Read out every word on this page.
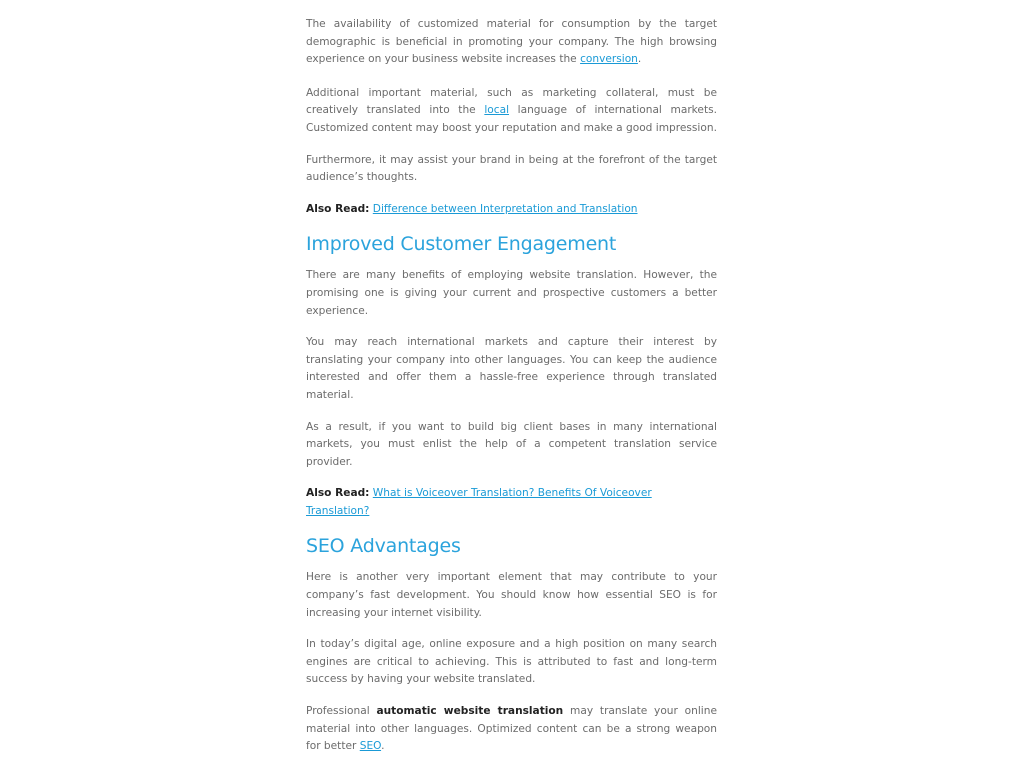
The availability of customized material for consumption by the target demographic is beneficial in promoting your company. The high browsing experience on your business website increases the conversion.

Additional important material, such as marketing collateral, must be creatively translated into the local language of international markets. Customized content may boost your reputation and make a good impression.

Furthermore, it may assist your brand in being at the forefront of the target audience’s thoughts.

Also Read: Difference between Interpretation and Translation

Improved Customer Engagement

There are many benefits of employing website translation. However, the promising one is giving your current and prospective customers a better experience.

You may reach international markets and capture their interest by translating your company into other languages. You can keep the audience interested and offer them a hassle-free experience through translated material.

As a result, if you want to build big client bases in many international markets, you must enlist the help of a competent translation service provider.

Also Read: What is Voiceover Translation? Benefits Of Voiceover Translation?

SEO Advantages

Here is another very important element that may contribute to your company’s fast development. You should know how essential SEO is for increasing your internet visibility.

In today’s digital age, online exposure and a high position on many search engines are critical to achieving. This is attributed to fast and long-term success by having your website translated.

Professional automatic website translation may translate your online material into other languages. Optimized content can be a strong weapon for better SEO.
